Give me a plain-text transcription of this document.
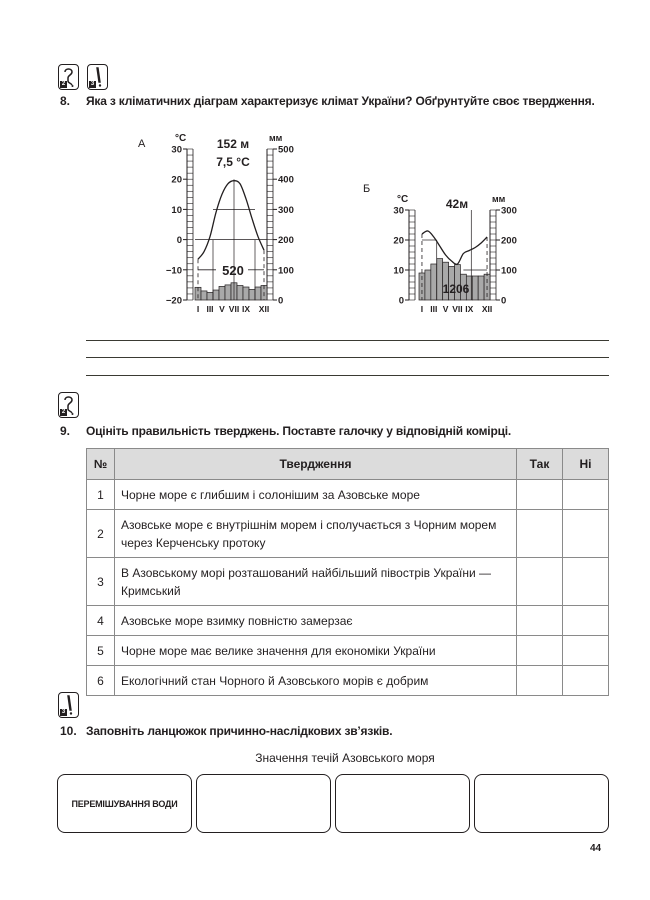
2	3
8. Яка з кліматичних діаграм характеризує клімат України? Обґрунтуйте своє твердження.
А	°C	мм
30
20
10
0
−10
−20
500
400
300
200
100
0
I III V VII IX XII
520
152 м
7,5 °C
Б
°C	мм
30
20
10
0
300
200
100
0
I III V VII IX XII
1206
42м
2
9. Оцініть правильність тверджень. Поставте галочку у відповідній комірці.
№	Твердження	Так	Ні
1	Чорне море є глибшим і солонішим за Азовське море		
2	Азовське море є внутрішнім морем і сполучається з Чорним морем через Керченську протоку		
3	В Азовському морі розташований найбільший півострів України — Кримський		
4	Азовське море взимку повністю замерзає		
5	Чорне море має велике значення для економіки України		
6	Екологічний стан Чорного й Азовського морів є добрим		
3
10. Заповніть ланцюжок причинно-наслідкових зв’язків.
Значення течій Азовського моря
ПЕРЕМІШУВАННЯ ВОДИ
44
